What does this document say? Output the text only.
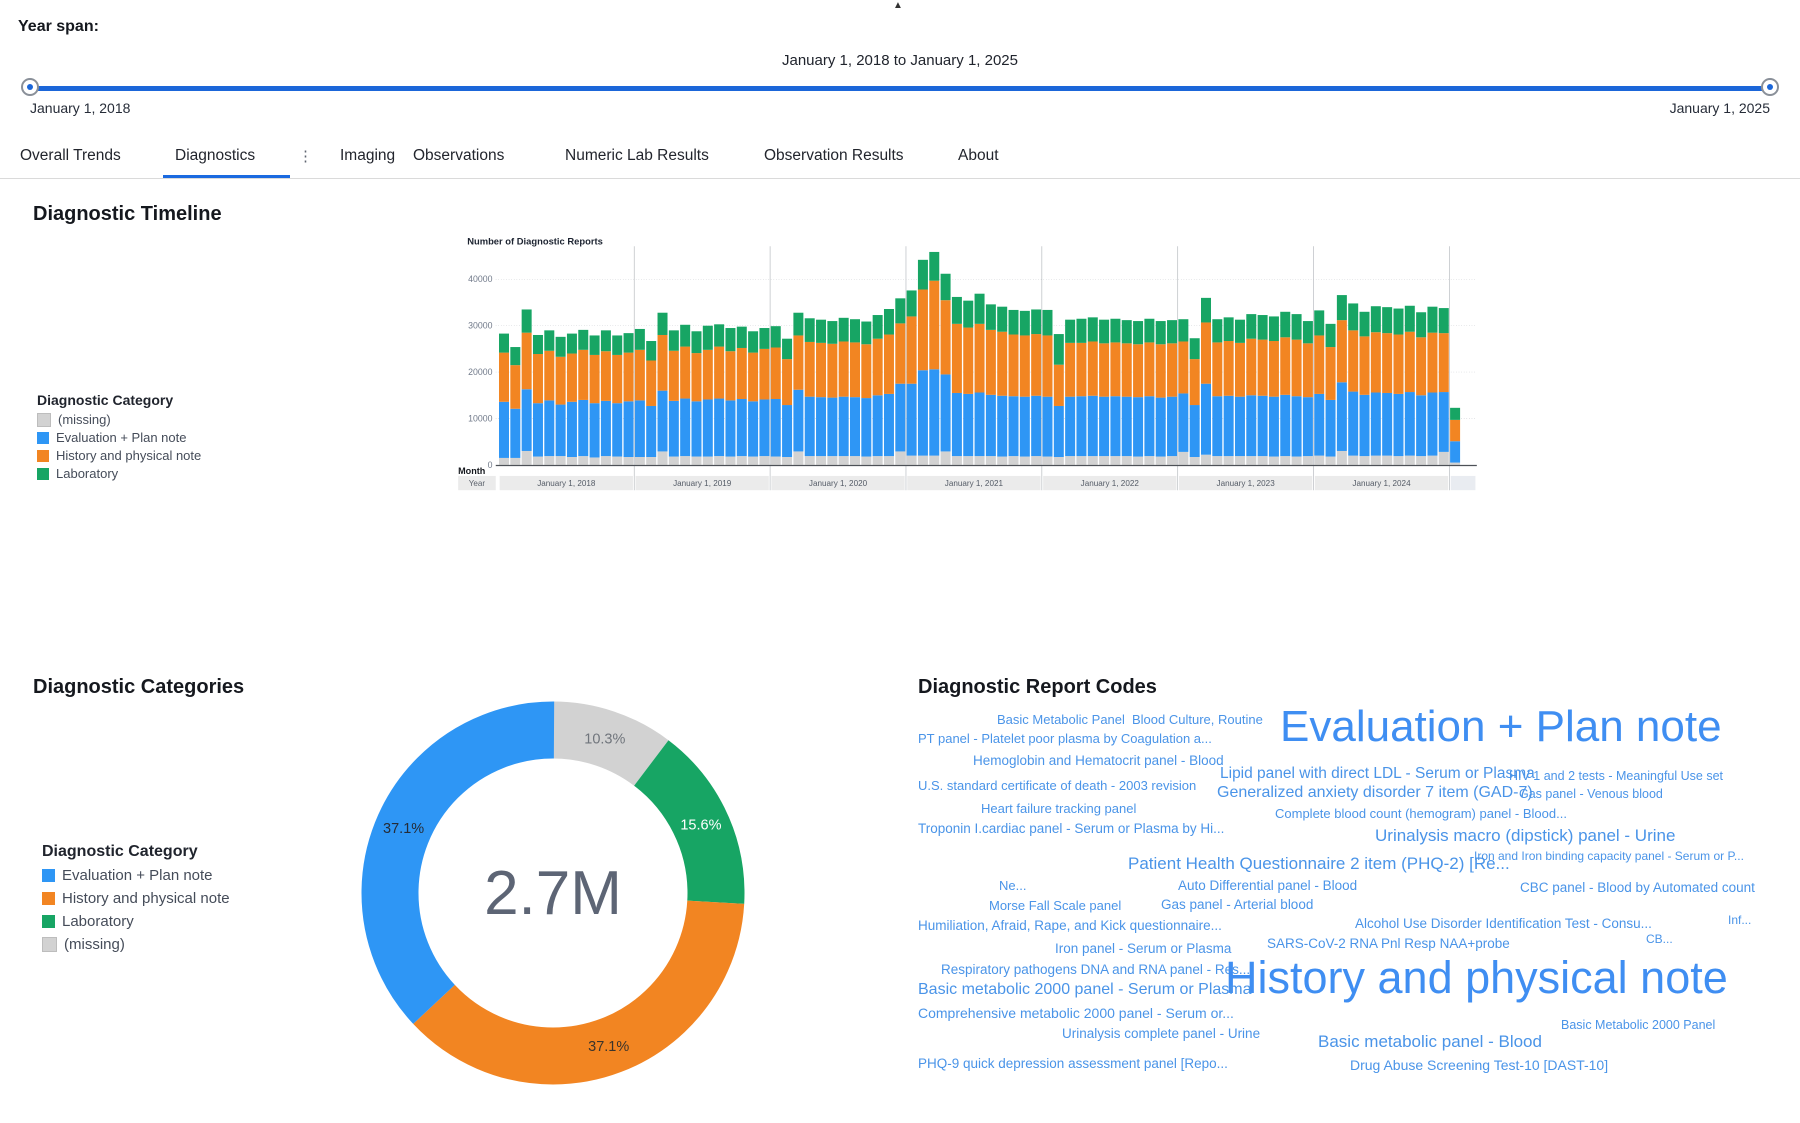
▲
Year span:
January 1, 2018 to January 1, 2025
January 1, 2018	January 1, 2025
Overall Trends	Diagnostics	⋮ Imaging Observations	Numeric Lab Results	Observation Results	About
Diagnostic Timeline
Diagnostic Category
(missing)
Evaluation + Plan note
History and physical note
Laboratory
Number of Diagnostic Reports
0
10000
20000
30000
40000
Month
Year	January 1, 2018	January 1, 2019	January 1, 2020	January 1, 2021	January 1, 2022	January 1, 2023	January 1, 2024
Diagnostic Categories
Diagnostic Category
Evaluation + Plan note
History and physical note
Laboratory
(missing)
10.3%
15.6%
37.1%
37.1%
2.7M
Diagnostic Report Codes
Basic Metabolic Panel Blood Culture, Routine Evaluation + Plan note
PT panel - Platelet poor plasma by Coagulation a...
Hemoglobin and Hematocrit panel - Blood
Lipid panel with direct LDL - Serum or Plasma
HIV 1 and 2 tests - Meaningful Use set
U.S. standard certificate of death - 2003 revision Generalized anxiety disorder 7 item (GAD-7)
Gas panel - Venous blood
Heart failure tracking panel	Complete blood count (hemogram) panel - Blood...
Troponin I.cardiac panel - Serum or Plasma by Hi...	Urinalysis macro (dipstick) panel - Urine
Iron and Iron binding capacity panel - Serum or P...
Patient Health Questionnaire 2 item (PHQ-2) [Re...
Ne...	Auto Differential panel - Blood	CBC panel - Blood by Automated count
Morse Fall Scale panel	Gas panel - Arterial blood
Humiliation, Afraid, Rape, and Kick questionnaire...	Alcohol Use Disorder Identification Test - Consu...	Inf...
SARS-CoV-2 RNA Pnl Resp NAA+probe	CB...
Iron panel - Serum or Plasma
Respiratory pathogens DNA and RNA panel - Res...
History and physical note
Basic metabolic 2000 panel - Serum or Plasma
Comprehensive metabolic 2000 panel - Serum or...
Basic Metabolic 2000 Panel
Urinalysis complete panel - Urine	Basic metabolic panel - Blood
PHQ-9 quick depression assessment panel [Repo...	Drug Abuse Screening Test-10 [DAST-10]
